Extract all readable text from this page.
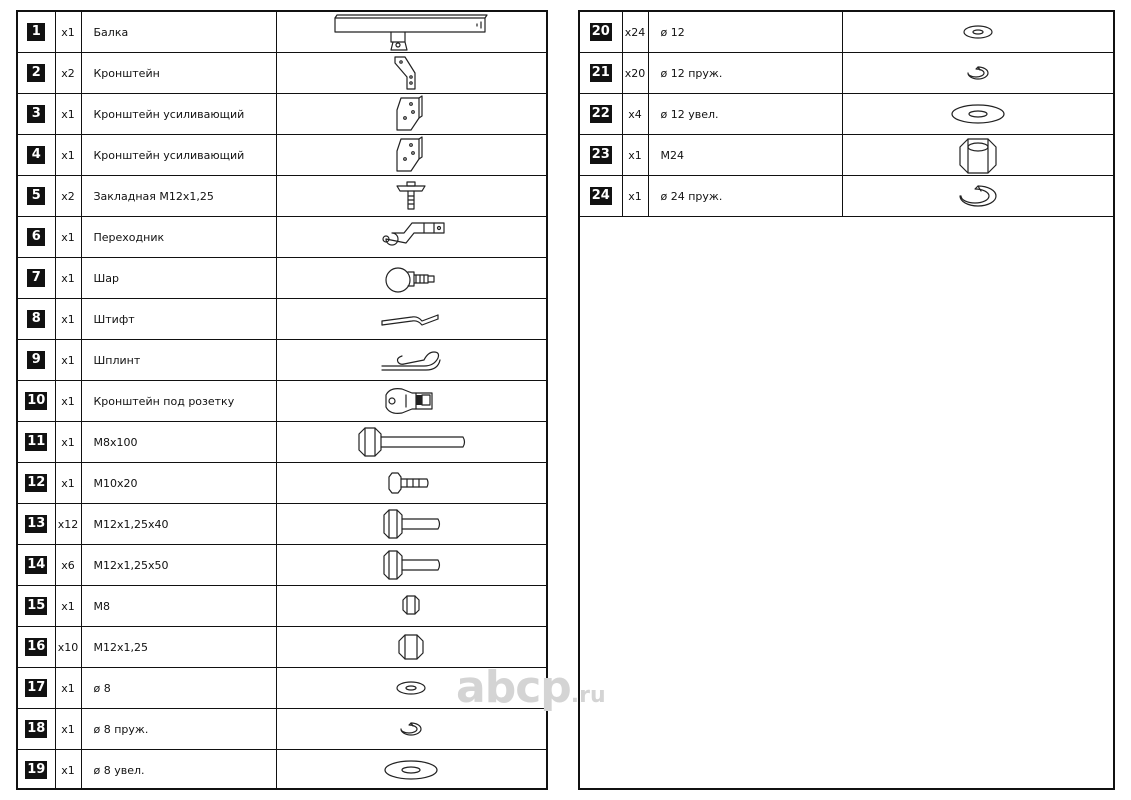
1	x1	Балка	

2	x2	Кронштейн	

3	x1	Кронштейн усиливающий	

4	x1	Кронштейн усиливающий	

5	x2	Закладная М12х1,25	

6	x1	Переходник	

7	x1	Шар	

8	x1	Штифт	

9	x1	Шплинт	

10	x1	Кронштейн под розетку	

11	x1	М8х100	

12	x1	М10х20	

13	x12	М12х1,25х40	

14	x6	М12х1,25х50	

15	x1	М8	

16	x10	М12х1,25	

17	x1	ø 8	

18	x1	ø 8 пруж.	

19	x1	ø 8 увел.	
20	x24	ø 12	

21	x20	ø 12 пруж.	

22	x4	ø 12 увел.	

23	x1	М24	

24	x1	ø 24 пруж.	
abcp.ru
